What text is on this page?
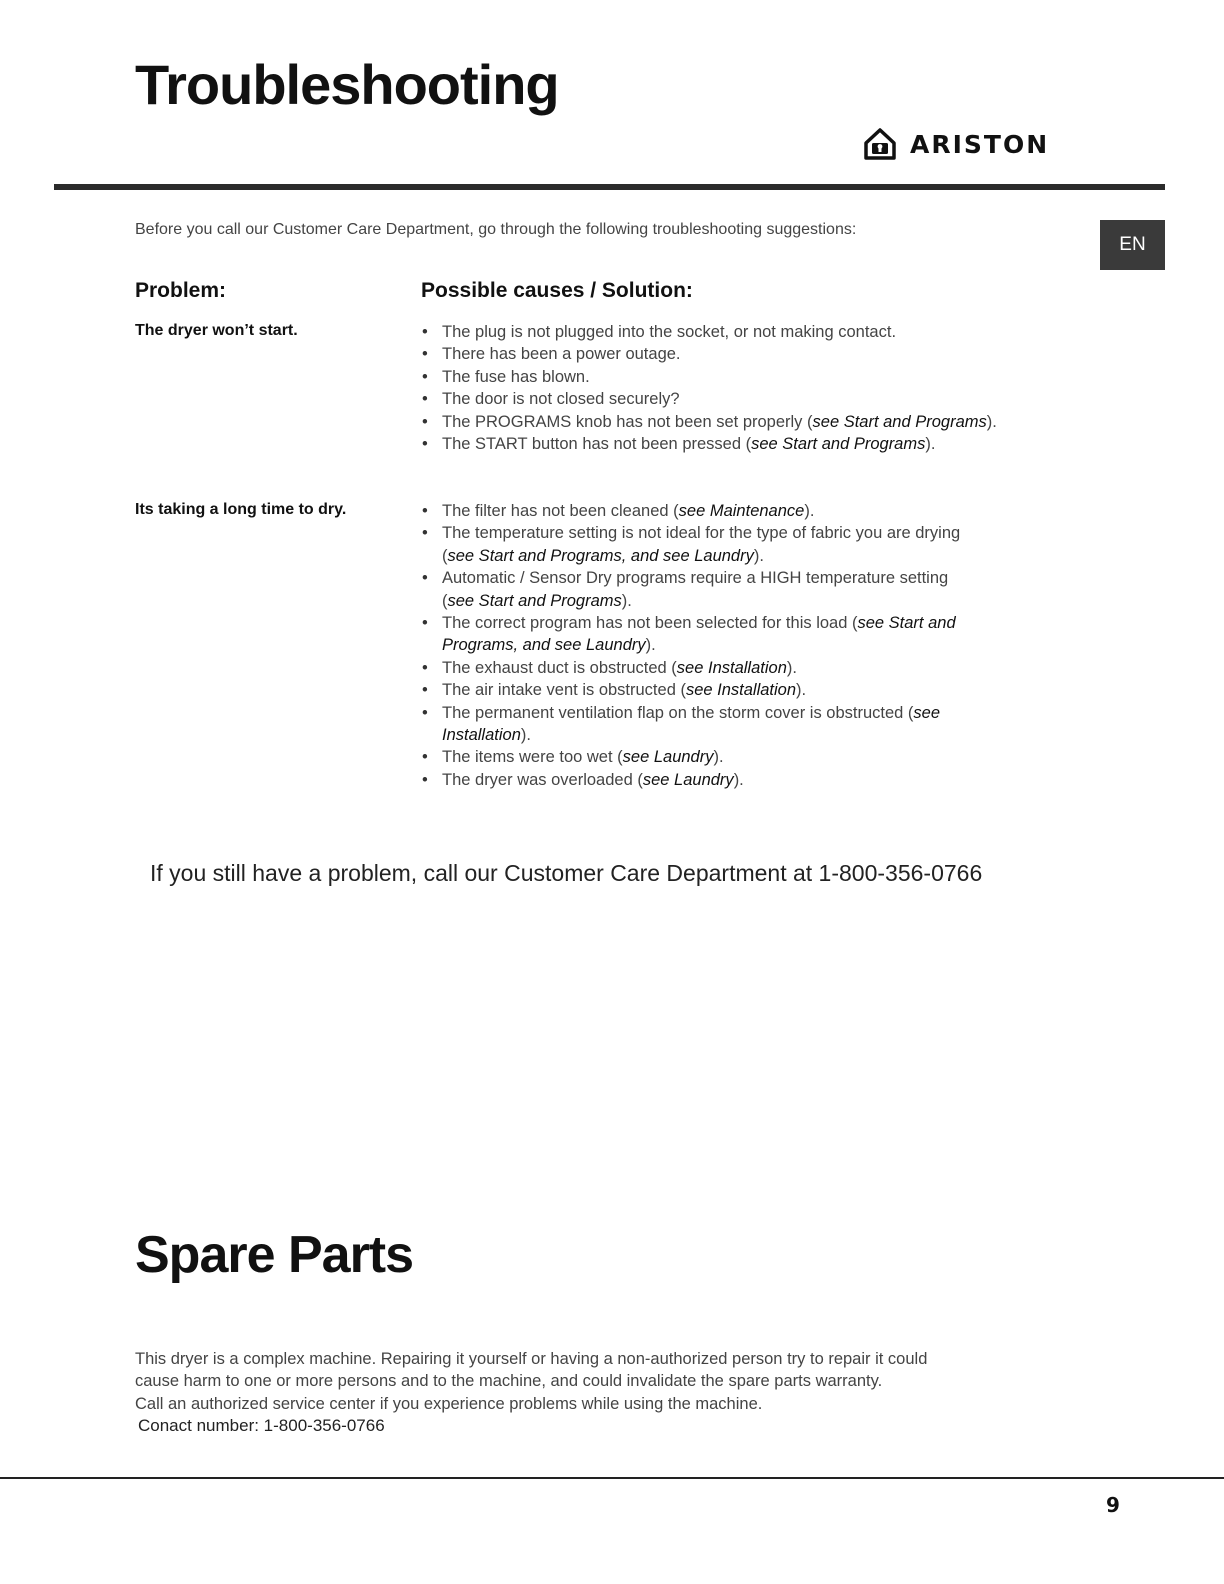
Troubleshooting
ARISTON
Before you call our Customer Care Department, go through the following troubleshooting suggestions:
EN
Problem:	Possible causes / Solution:
The dryer won’t start.	• The plug is not plugged into the socket, or not making contact.
• There has been a power outage.
• The fuse has blown.
• The door is not closed securely?
• The PROGRAMS knob has not been set properly (see Start and Programs).
• The START button has not been pressed (see Start and Programs).
Its taking a long time to dry.	• The filter has not been cleaned (see Maintenance).
• The temperature setting is not ideal for the type of fabric you are drying
(see Start and Programs, and see Laundry).
• Automatic / Sensor Dry programs require a HIGH temperature setting
(see Start and Programs).
• The correct program has not been selected for this load (see Start and
Programs, and see Laundry).
• The exhaust duct is obstructed (see Installation).
• The air intake vent is obstructed (see Installation).
• The permanent ventilation flap on the storm cover is obstructed (see
Installation).
• The items were too wet (see Laundry).
• The dryer was overloaded (see Laundry).
If you still have a problem, call our Customer Care Department at 1-800-356-0766
Spare Parts
This dryer is a complex machine. Repairing it yourself or having a non-authorized person try to repair it could
cause harm to one or more persons and to the machine, and could invalidate the spare parts warranty.
Call an authorized service center if you experience problems while using the machine.
Conact number: 1-800-356-0766
9
